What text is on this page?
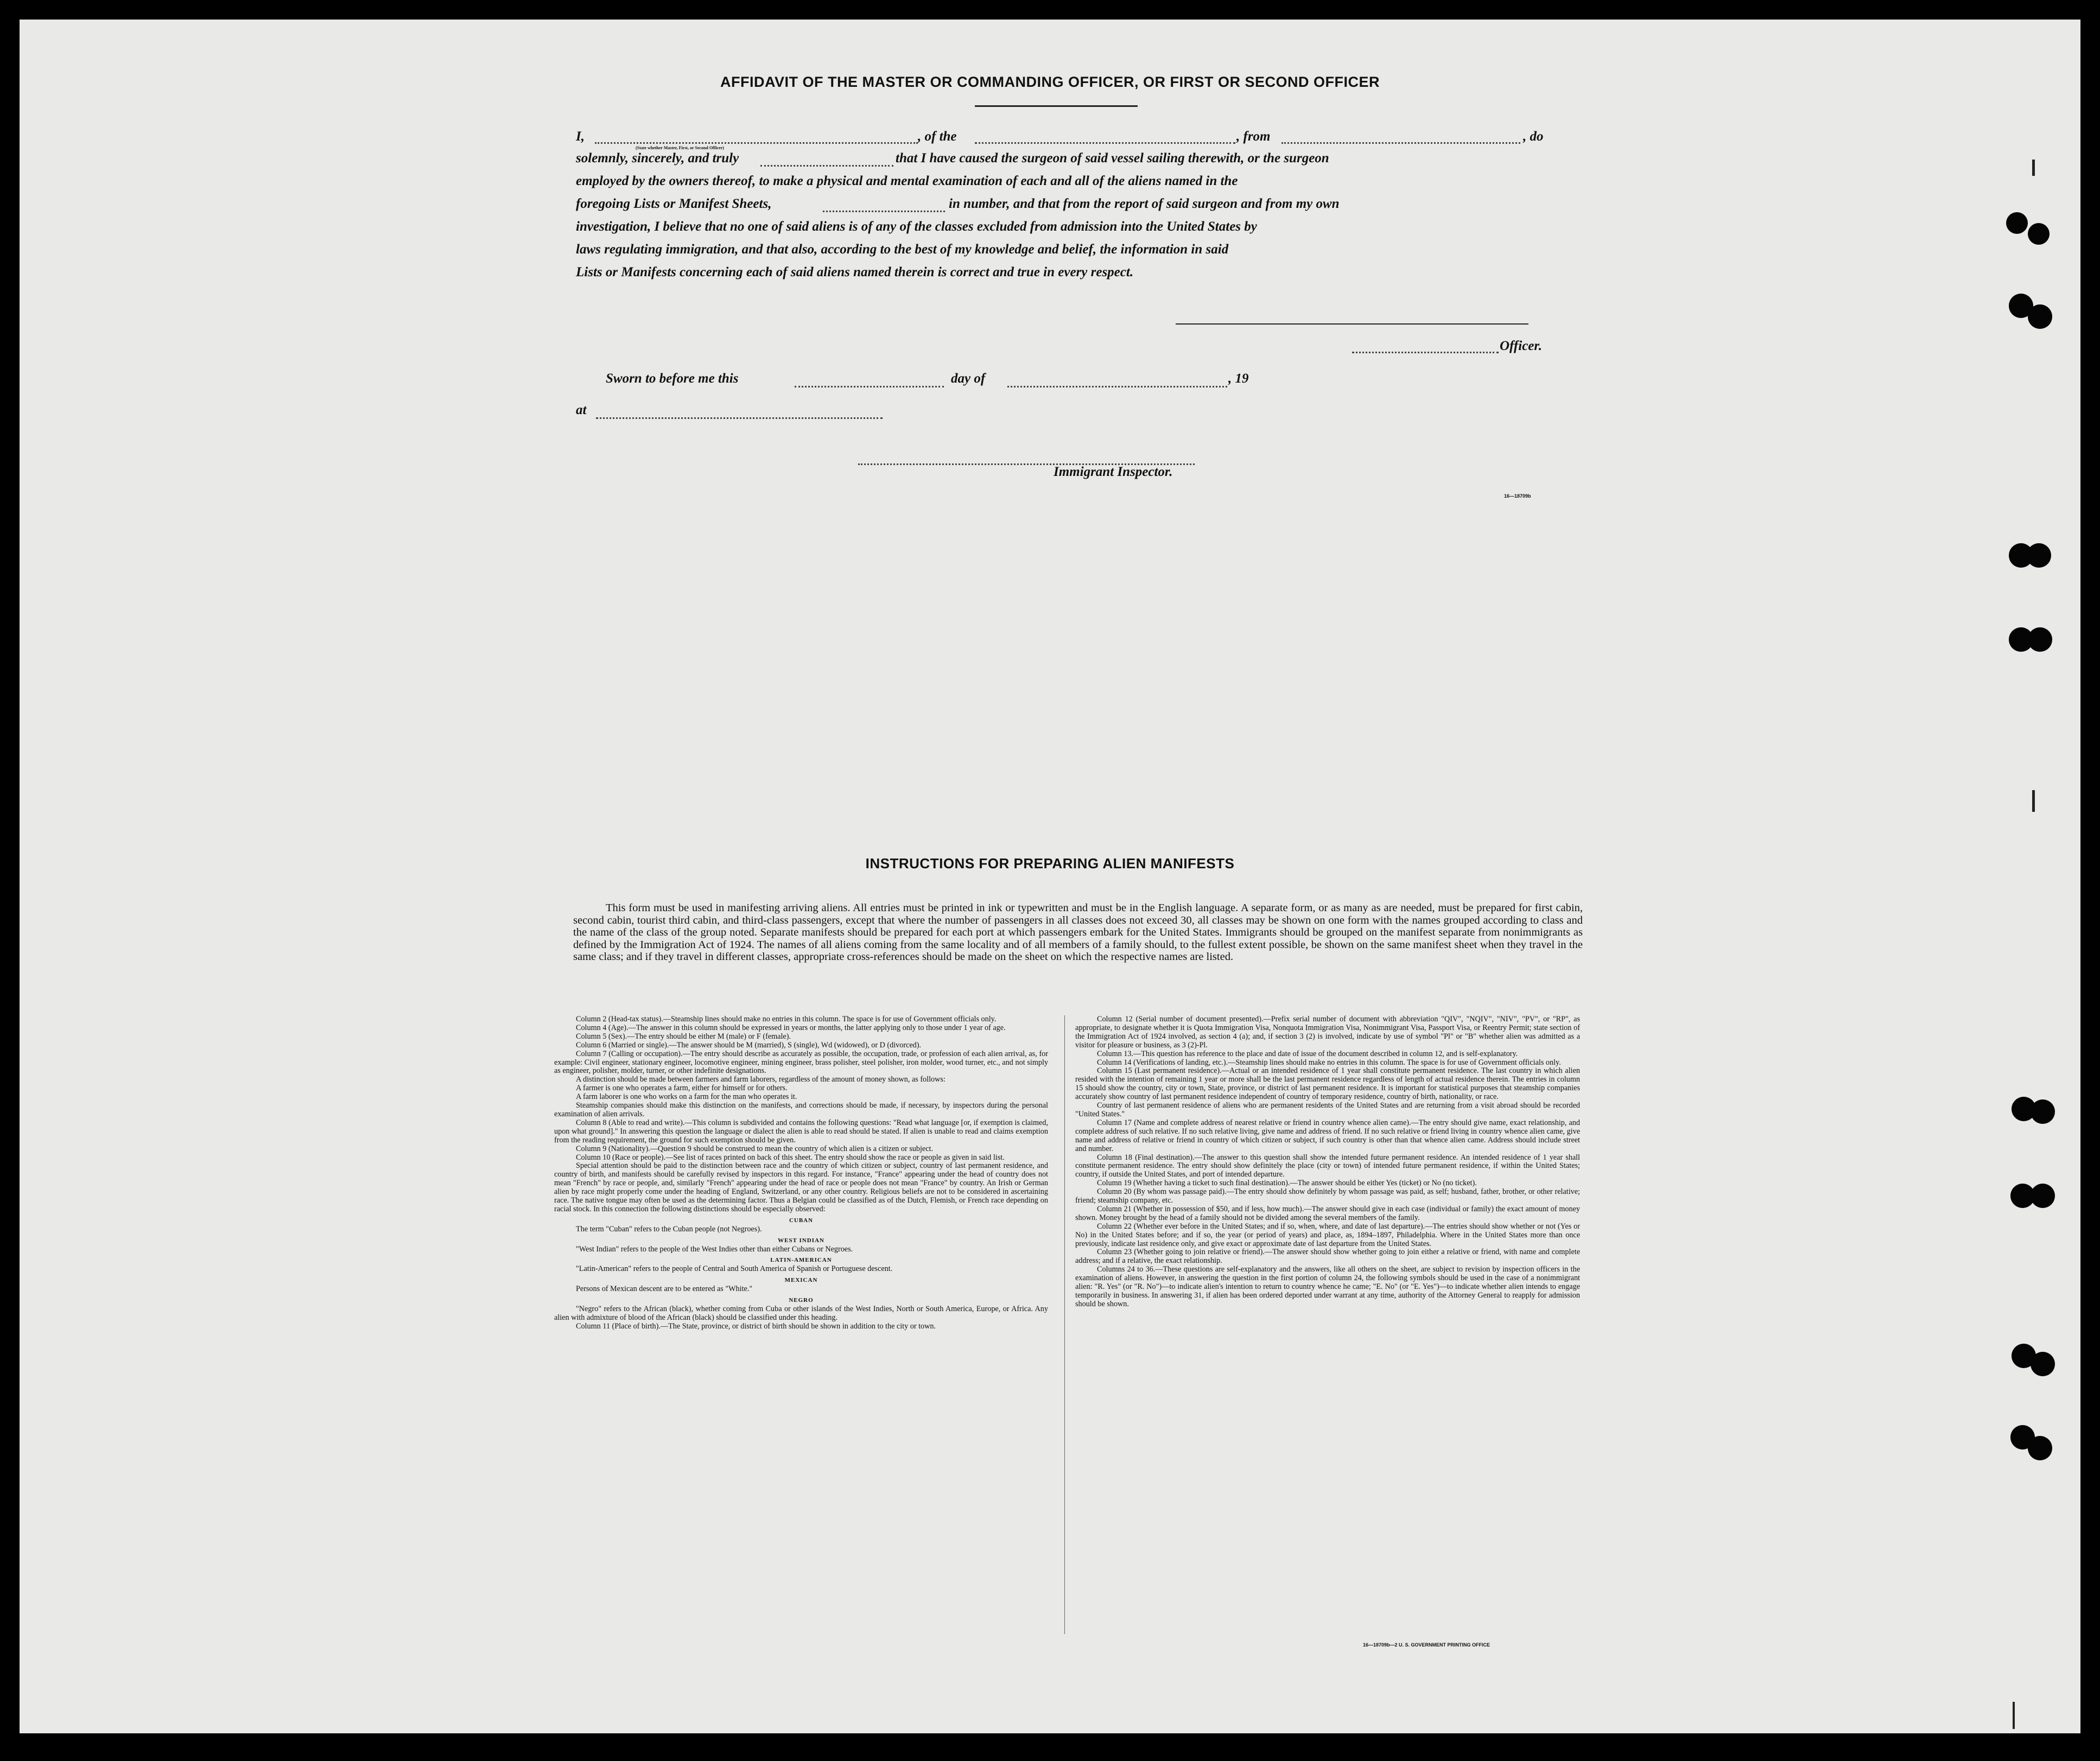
AFFIDAVIT OF THE MASTER OR COMMANDING OFFICER, OR FIRST OR SECOND OFFICER
I,	, of the	, from	, do
(State whether Master, First, or Second Officer)
solemnly, sincerely, and truly	that I have caused the surgeon of said vessel sailing therewith, or the surgeon
employed by the owners thereof, to make a physical and mental examination of each and all of the aliens named in the
foregoing Lists or Manifest Sheets,	in number, and that from the report of said surgeon and from my own
investigation, I believe that no one of said aliens is of any of the classes excluded from admission into the United States by
laws regulating immigration, and that also, according to the best of my knowledge and belief, the information in said
Lists or Manifests concerning each of said aliens named therein is correct and true in every respect.
Officer.
Sworn to before me this	day of	, 19
at
Immigrant Inspector.
16—18709b
INSTRUCTIONS FOR PREPARING ALIEN MANIFESTS

This form must be used in manifesting arriving aliens. All entries must be printed in ink or typewritten and must be in the English language. A separate form, or as many as are needed, must be prepared for first cabin, second cabin, tourist third cabin, and third-class passengers, except that where the number of passengers in all classes does not exceed 30, all classes may be shown on one form with the names grouped according to class and the name of the class of the group noted. Separate manifests should be prepared for each port at which passengers embark for the United States. Immigrants should be grouped on the manifest separate from nonimmigrants as defined by the Immigration Act of 1924. The names of all aliens coming from the same locality and of all members of a family should, to the fullest extent possible, be shown on the same manifest sheet when they travel in the same class; and if they travel in different classes, appropriate cross-references should be made on the sheet on which the respective names are listed.

Column 2 (Head-tax status).—Steamship lines should make no entries in this column. The space is for use of Government officials only.

Column 4 (Age).—The answer in this column should be expressed in years or months, the latter applying only to those under 1 year of age.

Column 5 (Sex).—The entry should be either M (male) or F (female).

Column 6 (Married or single).—The answer should be M (married), S (single), Wd (widowed), or D (divorced).

Column 7 (Calling or occupation).—The entry should describe as accurately as possible, the occupation, trade, or profession of each alien arrival, as, for example: Civil engineer, stationary engineer, locomotive engineer, mining engineer, brass polisher, steel polisher, iron molder, wood turner, etc., and not simply as engineer, polisher, molder, turner, or other indefinite designations.

A distinction should be made between farmers and farm laborers, regardless of the amount of money shown, as follows:

A farmer is one who operates a farm, either for himself or for others.

A farm laborer is one who works on a farm for the man who operates it.

Steamship companies should make this distinction on the manifests, and corrections should be made, if necessary, by inspectors during the personal examination of alien arrivals.

Column 8 (Able to read and write).—This column is subdivided and contains the following questions: "Read what language [or, if exemption is claimed, upon what ground]." In answering this question the language or dialect the alien is able to read should be stated. If alien is unable to read and claims exemption from the reading requirement, the ground for such exemption should be given.

Column 9 (Nationality).—Question 9 should be construed to mean the country of which alien is a citizen or subject.

Column 10 (Race or people).—See list of races printed on back of this sheet. The entry should show the race or people as given in said list.

Special attention should be paid to the distinction between race and the country of which citizen or subject, country of last permanent residence, and country of birth, and manifests should be carefully revised by inspectors in this regard. For instance, "France" appearing under the head of country does not mean "French" by race or people, and, similarly "French" appearing under the head of race or people does not mean "France" by country. An Irish or German alien by race might properly come under the heading of England, Switzerland, or any other country. Religious beliefs are not to be considered in ascertaining race. The native tongue may often be used as the determining factor. Thus a Belgian could be classified as of the Dutch, Flemish, or French race depending on racial stock. In this connection the following distinctions should be especially observed:

CUBAN

The term "Cuban" refers to the Cuban people (not Negroes).

WEST INDIAN

"West Indian" refers to the people of the West Indies other than either Cubans or Negroes.

LATIN-AMERICAN

"Latin-American" refers to the people of Central and South America of Spanish or Portuguese descent.

MEXICAN

Persons of Mexican descent are to be entered as "White."

NEGRO

"Negro" refers to the African (black), whether coming from Cuba or other islands of the West Indies, North or South America, Europe, or Africa. Any alien with admixture of blood of the African (black) should be classified under this heading.

Column 11 (Place of birth).—The State, province, or district of birth should be shown in addition to the city or town.

Column 12 (Serial number of document presented).—Prefix serial number of document with abbreviation "QIV", "NQIV", "NIV", "PV", or "RP", as appropriate, to designate whether it is Quota Immigration Visa, Nonquota Immigration Visa, Nonimmigrant Visa, Passport Visa, or Reentry Permit; state section of the Immigration Act of 1924 involved, as section 4 (a); and, if section 3 (2) is involved, indicate by use of symbol "Pl" or "B" whether alien was admitted as a visitor for pleasure or business, as 3 (2)-Pl.

Column 13.—This question has reference to the place and date of issue of the document described in column 12, and is self-explanatory.

Column 14 (Verifications of landing, etc.).—Steamship lines should make no entries in this column. The space is for use of Government officials only.

Column 15 (Last permanent residence).—Actual or an intended residence of 1 year shall constitute permanent residence. The last country in which alien resided with the intention of remaining 1 year or more shall be the last permanent residence regardless of length of actual residence therein. The entries in column 15 should show the country, city or town, State, province, or district of last permanent residence. It is important for statistical purposes that steamship companies accurately show country of last permanent residence independent of country of temporary residence, country of birth, nationality, or race.

Country of last permanent residence of aliens who are permanent residents of the United States and are returning from a visit abroad should be recorded "United States."

Column 17 (Name and complete address of nearest relative or friend in country whence alien came).—The entry should give name, exact relationship, and complete address of such relative. If no such relative living, give name and address of friend. If no such relative or friend living in country whence alien came, give name and address of relative or friend in country of which citizen or subject, if such country is other than that whence alien came. Address should include street and number.

Column 18 (Final destination).—The answer to this question shall show the intended future permanent residence. An intended residence of 1 year shall constitute permanent residence. The entry should show definitely the place (city or town) of intended future permanent residence, if within the United States; country, if outside the United States, and port of intended departure.

Column 19 (Whether having a ticket to such final destination).—The answer should be either Yes (ticket) or No (no ticket).

Column 20 (By whom was passage paid).—The entry should show definitely by whom passage was paid, as self; husband, father, brother, or other relative; friend; steamship company, etc.

Column 21 (Whether in possession of $50, and if less, how much).—The answer should give in each case (individual or family) the exact amount of money shown. Money brought by the head of a family should not be divided among the several members of the family.

Column 22 (Whether ever before in the United States; and if so, when, where, and date of last departure).—The entries should show whether or not (Yes or No) in the United States before; and if so, the year (or period of years) and place, as, 1894–1897, Philadelphia. Where in the United States more than once previously, indicate last residence only, and give exact or approximate date of last departure from the United States.

Column 23 (Whether going to join relative or friend).—The answer should show whether going to join either a relative or friend, with name and complete address; and if a relative, the exact relationship.

Columns 24 to 36.—These questions are self-explanatory and the answers, like all others on the sheet, are subject to revision by inspection officers in the examination of aliens. However, in answering the question in the first portion of column 24, the following symbols should be used in the case of a nonimmigrant alien: "R. Yes" (or "R. No")—to indicate alien's intention to return to country whence he came; "E. No" (or "E. Yes")—to indicate whether alien intends to engage temporarily in business. In answering 31, if alien has been ordered deported under warrant at any time, authority of the Attorney General to reapply for admission should be shown.

16—18709b—2 U. S. GOVERNMENT PRINTING OFFICE
